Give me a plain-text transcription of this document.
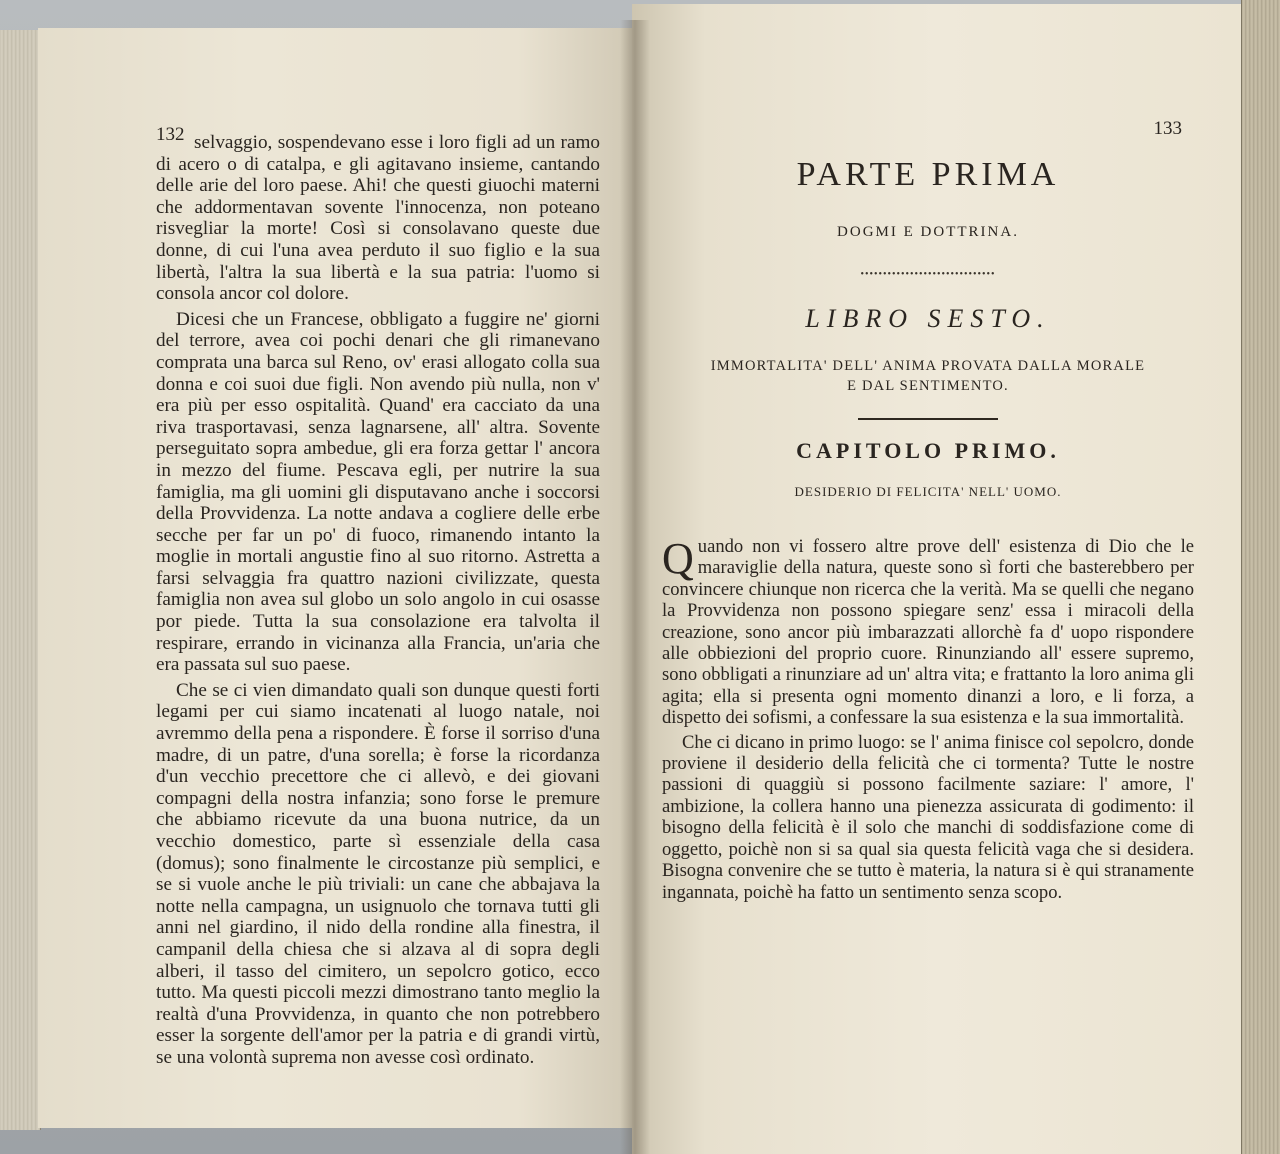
132 selvaggio, sospendevano esse i loro figli ad un ramo di acero o di catalpa, e gli agitavano insieme, cantando delle arie del loro paese. Ahi! che questi giuochi materni che addormentavan sovente l'innocenza, non poteano risvegliar la morte! Così si consolavano queste due donne, di cui l'una avea perduto il suo figlio e la sua libertà, l'altra la sua libertà e la sua patria: l'uomo si consola ancor col dolore.

Dicesi che un Francese, obbligato a fuggire ne' giorni del terrore, avea coi pochi denari che gli rimanevano comprata una barca sul Reno, ov' erasi allogato colla sua donna e coi suoi due figli. Non avendo più nulla, non v' era più per esso ospitalità. Quand' era cacciato da una riva trasportavasi, senza lagnarsene, all' altra. Sovente perseguitato sopra ambedue, gli era forza gettar l' ancora in mezzo del fiume. Pescava egli, per nutrire la sua famiglia, ma gli uomini gli disputavano anche i soccorsi della Provvidenza. La notte andava a cogliere delle erbe secche per far un po' di fuoco, rimanendo intanto la moglie in mortali angustie fino al suo ritorno. Astretta a farsi selvaggia fra quattro nazioni civilizzate, questa famiglia non avea sul globo un solo angolo in cui osasse por piede. Tutta la sua consolazione era talvolta il respirare, errando in vicinanza alla Francia, un'aria che era passata sul suo paese.

Che se ci vien dimandato quali son dunque questi forti legami per cui siamo incatenati al luogo natale, noi avremmo della pena a rispondere. È forse il sorriso d'una madre, di un patre, d'una sorella; è forse la ricordanza d'un vecchio precettore che ci allevò, e dei giovani compagni della nostra infanzia; sono forse le premure che abbiamo ricevute da una buona nutrice, da un vecchio domestico, parte sì essenziale della casa (domus); sono finalmente le circostanze più semplici, e se si vuole anche le più triviali: un cane che abbajava la notte nella campagna, un usignuolo che tornava tutti gli anni nel giardino, il nido della rondine alla finestra, il campanil della chiesa che si alzava al di sopra degli alberi, il tasso del cimitero, un sepolcro gotico, ecco tutto. Ma questi piccoli mezzi dimostrano tanto meglio la realtà d'una Provvidenza, in quanto che non potrebbero esser la sorgente dell'amor per la patria e di grandi virtù, se una volontà suprema non avesse così ordinato.

133
PARTE PRIMA
DOGMI E DOTTRINA.
••••••••••••••••••••••••••••••
LIBRO SESTO.
IMMORTALITA' DELL' ANIMA PROVATA DALLA MORALE
E DAL SENTIMENTO.
CAPITOLO PRIMO.
DESIDERIO DI FELICITA' NELL' UOMO.

Quando non vi fossero altre prove dell' esistenza di Dio che le maraviglie della natura, queste sono sì forti che basterebbero per convincere chiunque non ricerca che la verità. Ma se quelli che negano la Provvidenza non possono spiegare senz' essa i miracoli della creazione, sono ancor più imbarazzati allorchè fa d' uopo rispondere alle obbiezioni del proprio cuore. Rinunziando all' essere supremo, sono obbligati a rinunziare ad un' altra vita; e frattanto la loro anima gli agita; ella si presenta ogni momento dinanzi a loro, e li forza, a dispetto dei sofismi, a confessare la sua esistenza e la sua immortalità.

Che ci dicano in primo luogo: se l' anima finisce col sepolcro, donde proviene il desiderio della felicità che ci tormenta? Tutte le nostre passioni di quaggiù si possono facilmente saziare: l' amore, l' ambizione, la collera hanno una pienezza assicurata di godimento: il bisogno della felicità è il solo che manchi di soddisfazione come di oggetto, poichè non si sa qual sia questa felicità vaga che si desidera. Bisogna convenire che se tutto è materia, la natura si è qui stranamente ingannata, poichè ha fatto un sentimento senza scopo.
